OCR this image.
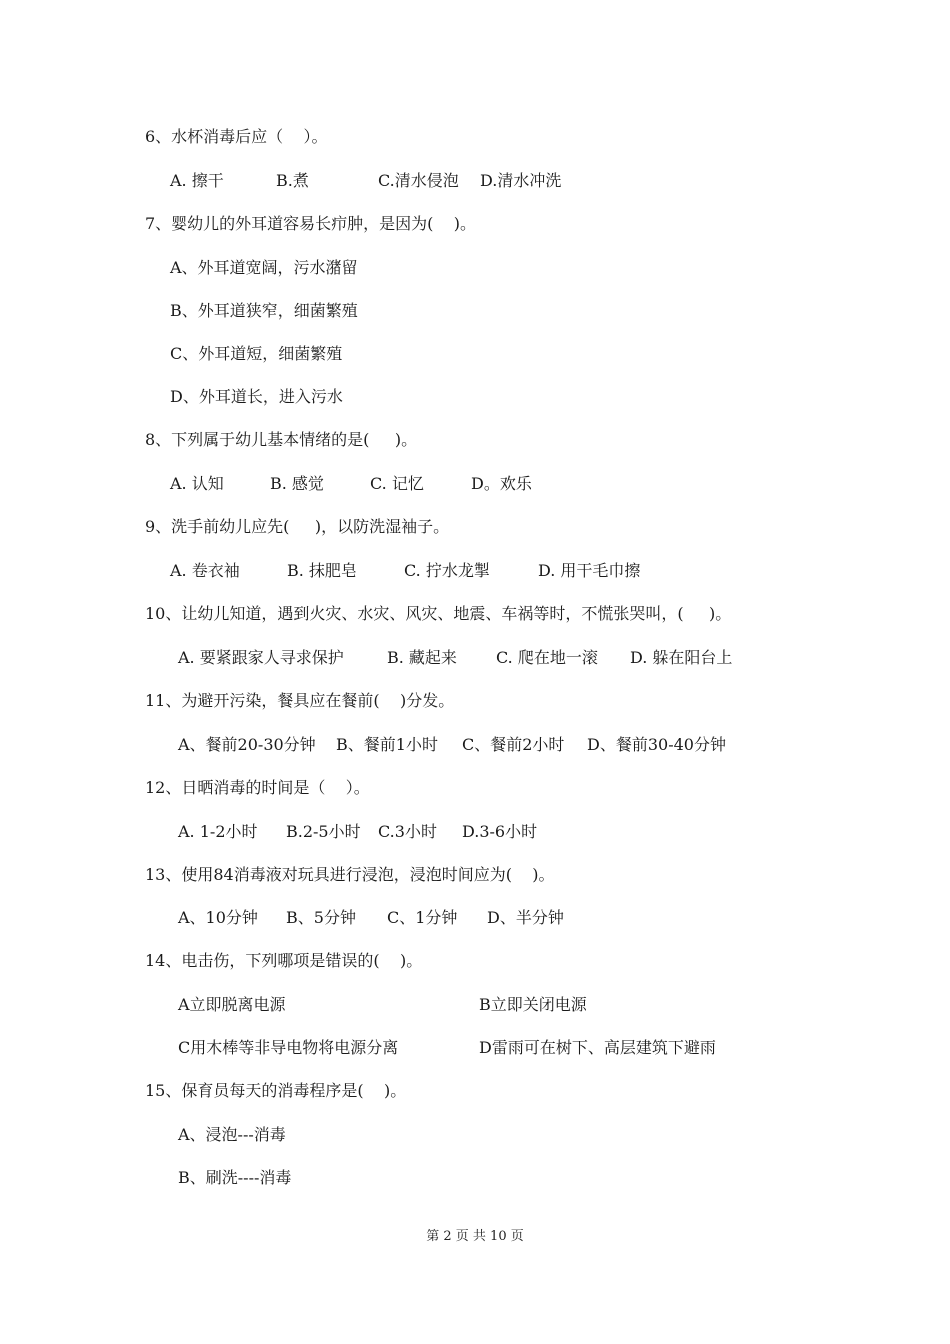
6、水杯消毒后应（    ）。
A. 擦干	B.煮	C.清水侵泡 D.清水冲洗
7、婴幼儿的外耳道容易长疖肿，是因为(    )。
A、外耳道宽阔，污水潴留
B、外耳道狭窄，细菌繁殖
C、外耳道短，细菌繁殖
D、外耳道长，进入污水
8、下列属于幼儿基本情绪的是(     )。
A. 认知	B. 感觉	C. 记忆	D。欢乐
9、洗手前幼儿应先(     )，以防洗湿袖子。
A. 卷衣袖	B. 抹肥皂	C. 拧水龙掣	D. 用干毛巾擦
10、让幼儿知道，遇到火灾、水灾、风灾、地震、车祸等时，不慌张哭叫，(     )。
A. 要紧跟家人寻求保护	B. 藏起来 C. 爬在地一滚 D. 躲在阳台上
11、为避开污染，餐具应在餐前(    )分发。
A、餐前20-30分钟 B、餐前1小时 C、餐前2小时 D、餐前30-40分钟
12、日晒消毒的时间是（    ）。
A. 1-2小时 B.2-5小时 C.3小时 D.3-6小时
13、使用84消毒液对玩具进行浸泡，浸泡时间应为(    )。
A、10分钟 B、5分钟 C、1分钟 D、半分钟
14、电击伤，下列哪项是错误的(    )。
A立即脱离电源	B立即关闭电源
C用木棒等非导电物将电源分离	D雷雨可在树下、高层建筑下避雨
15、保育员每天的消毒程序是(    )。
A、浸泡---消毒
B、刷洗----消毒
第 2 页 共 10 页
